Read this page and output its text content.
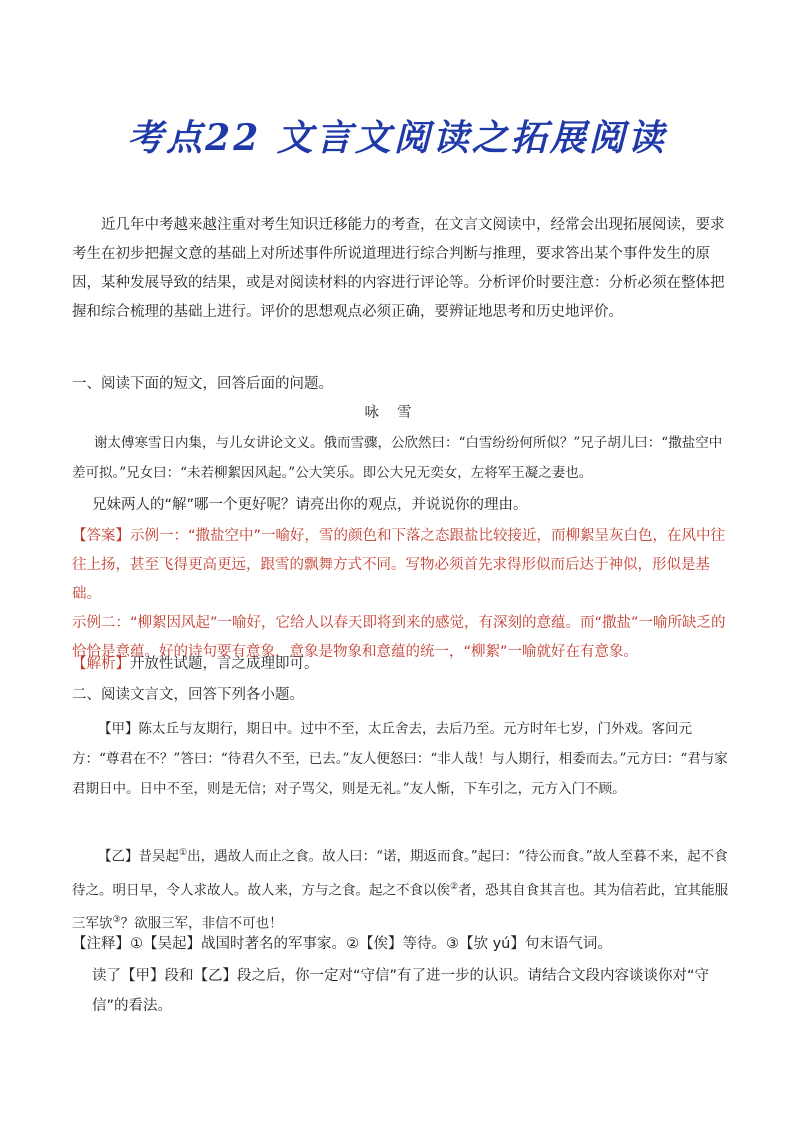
考点22 文言文阅读之拓展阅读
近几年中考越来越注重对考生知识迁移能力的考查，在文言文阅读中，经常会出现拓展阅读，要求考生在初步把握文意的基础上对所述事件所说道理进行综合判断与推理，要求答出某个事件发生的原因，某种发展导致的结果，或是对阅读材料的内容进行评论等。分析评价时要注意：分析必须在整体把握和综合梳理的基础上进行。评价的思想观点必须正确，要辨证地思考和历史地评价。
一、阅读下面的短文，回答后面的问题。
咏雪
谢太傅寒雪日内集，与儿女讲论文义。俄而雪骤，公欣然曰：“白雪纷纷何所似？”兄子胡儿曰：“撒盐空中差可拟。”兄女曰：“未若柳絮因风起。”公大笑乐。即公大兄无奕女，左将军王凝之妻也。
兄妹两人的“解”哪一个更好呢？请亮出你的观点，并说说你的理由。
【答案】示例一：“撒盐空中”一喻好，雪的颜色和下落之态跟盐比较接近，而柳絮呈灰白色，在风中往往上扬，甚至飞得更高更远，跟雪的飘舞方式不同。写物必须首先求得形似而后达于神似，形似是基础。
示例二：“柳絮因风起”一喻好，它给人以春天即将到来的感觉，有深刻的意蕴。而“撒盐”一喻所缺乏的恰恰是意蕴。好的诗句要有意象，意象是物象和意蕴的统一，“柳絮”一喻就好在有意象。
【解析】开放性试题，言之成理即可。
二、阅读文言文，回答下列各小题。
【甲】陈太丘与友期行，期日中。过中不至，太丘舍去，去后乃至。元方时年七岁，门外戏。客问元方：“尊君在不？”答曰：“待君久不至，已去。”友人便怒曰：“非人哉！与人期行，相委而去。”元方曰：“君与家君期日中。日中不至，则是无信；对子骂父，则是无礼。”友人惭，下车引之，元方入门不顾。
【乙】昔吴起①出，遇故人而止之食。故人曰：“诺，期返而食。”起曰：“待公而食。”故人至暮不来，起不食待之。明日早，令人求故人。故人来，方与之食。起之不食以俟②者，恐其自食其言也。其为信若此，宜其能服三军欤③？欲服三军，非信不可也！
【注释】①【吴起】战国时著名的军事家。②【俟】等待。③【欤 yú】句末语气词。
读了【甲】段和【乙】段之后，你一定对“守信”有了进一步的认识。请结合文段内容谈谈你对“守
信”的看法。
